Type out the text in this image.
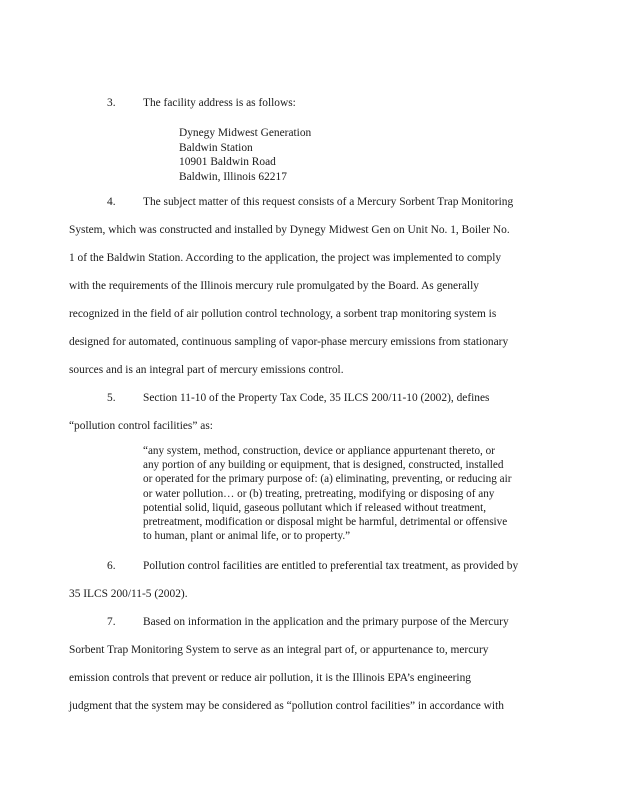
3. The facility address is as follows:
Dynegy Midwest Generation
Baldwin Station
10901 Baldwin Road
Baldwin, Illinois 62217
4. The subject matter of this request consists of a Mercury Sorbent Trap Monitoring
System, which was constructed and installed by Dynegy Midwest Gen on Unit No. 1, Boiler No.
1 of the Baldwin Station. According to the application, the project was implemented to comply
with the requirements of the Illinois mercury rule promulgated by the Board. As generally
recognized in the field of air pollution control technology, a sorbent trap monitoring system is
designed for automated, continuous sampling of vapor-phase mercury emissions from stationary
sources and is an integral part of mercury emissions control.
5. Section 11-10 of the Property Tax Code, 35 ILCS 200/11-10 (2002), defines
“pollution control facilities” as:
“any system, method, construction, device or appliance appurtenant thereto, or
any portion of any building or equipment, that is designed, constructed, installed
or operated for the primary purpose of: (a) eliminating, preventing, or reducing air
or water pollution… or (b) treating, pretreating, modifying or disposing of any
potential solid, liquid, gaseous pollutant which if released without treatment,
pretreatment, modification or disposal might be harmful, detrimental or offensive
to human, plant or animal life, or to property.”
6. Pollution control facilities are entitled to preferential tax treatment, as provided by
35 ILCS 200/11-5 (2002).
7. Based on information in the application and the primary purpose of the Mercury
Sorbent Trap Monitoring System to serve as an integral part of, or appurtenance to, mercury
emission controls that prevent or reduce air pollution, it is the Illinois EPA’s engineering
judgment that the system may be considered as “pollution control facilities” in accordance with
